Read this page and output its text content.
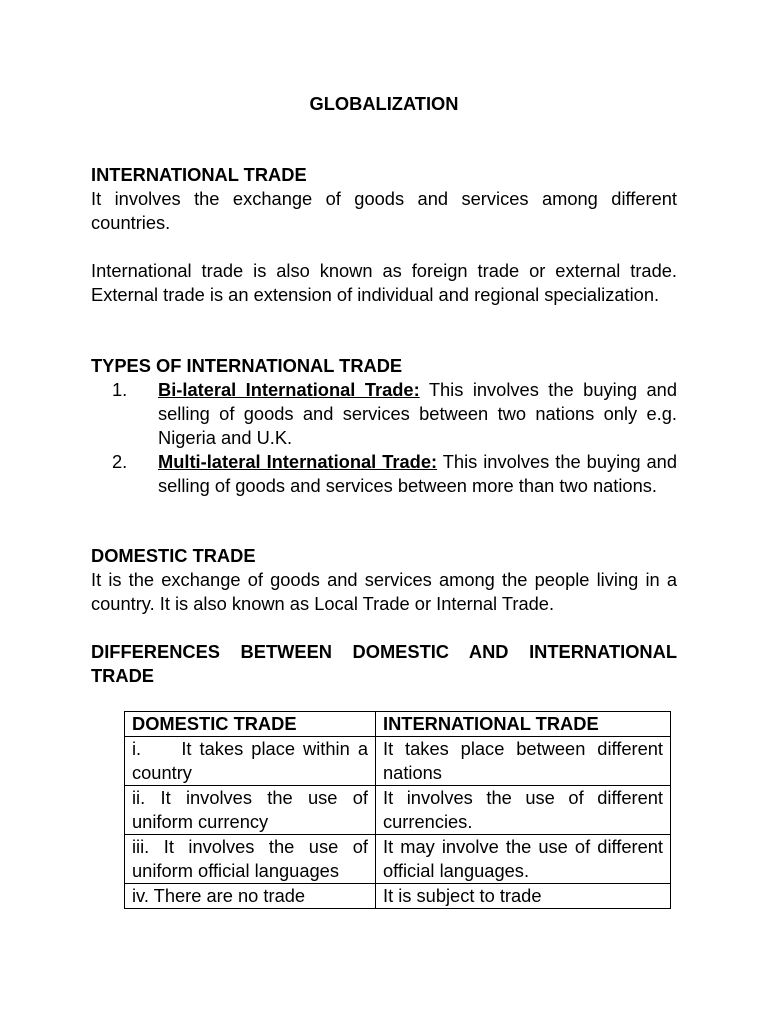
GLOBALIZATION
INTERNATIONAL TRADE
It involves the exchange of goods and services among different countries.
International trade is also known as foreign trade or external trade. External trade is an extension of individual and regional specialization.
TYPES OF INTERNATIONAL TRADE
1. Bi-lateral International Trade: This involves the buying and selling of goods and services between two nations only e.g. Nigeria and U.K.
2. Multi-lateral International Trade: This involves the buying and selling of goods and services between more than two nations.
DOMESTIC TRADE
It is the exchange of goods and services among the people living in a country. It is also known as Local Trade or Internal Trade.
DIFFERENCES BETWEEN DOMESTIC AND INTERNATIONAL TRADE
DOMESTIC TRADE	INTERNATIONAL TRADE
i.     It takes place within a country	It takes place between different nations
ii. It involves the use of uniform currency	It involves the use of different currencies.
iii. It involves the use of uniform official languages	It may involve the use of different official languages.
iv. There are no trade	It is subject to trade
